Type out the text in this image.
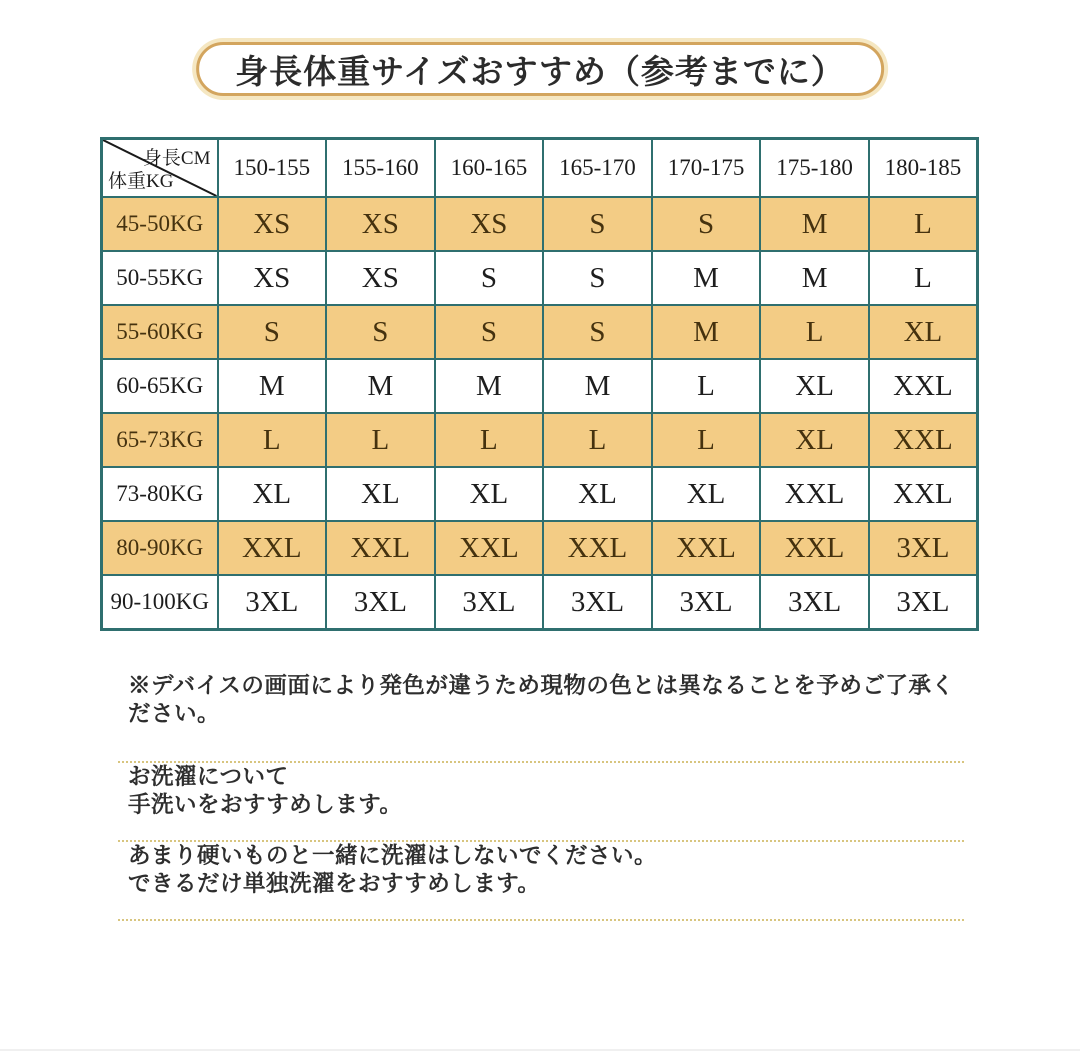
身長体重サイズおすすめ（参考までに）
身長CM
体重KG	150-155	155-160	160-165	165-170	170-175	175-180	180-185
45-50KG	XS	XS	XS	S	S	M	L
50-55KG	XS	XS	S	S	M	M	L
55-60KG	S	S	S	S	M	L	XL
60-65KG	M	M	M	M	L	XL	XXL
65-73KG	L	L	L	L	L	XL	XXL
73-80KG	XL	XL	XL	XL	XL	XXL	XXL
80-90KG	XXL	XXL	XXL	XXL	XXL	XXL	3XL
90-100KG	3XL	3XL	3XL	3XL	3XL	3XL	3XL

※デバイスの画面により発色が違うため現物の色とは異なることを予めご了承ください。

お洗濯について

手洗いをおすすめします。

あまり硬いものと一緒に洗濯はしないでください。

できるだけ単独洗濯をおすすめします。
